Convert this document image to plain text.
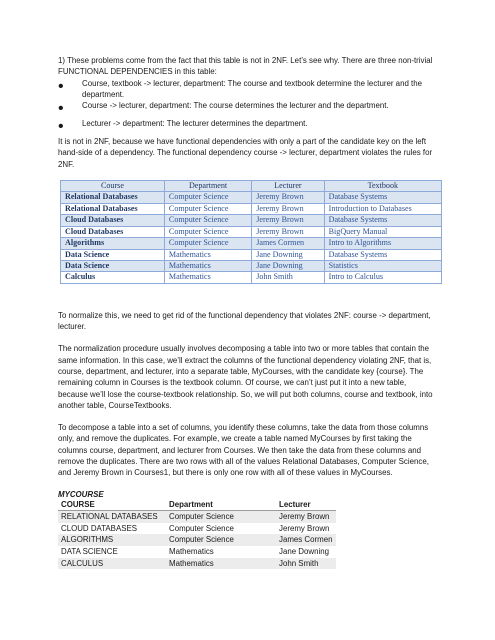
1) These problems come from the fact that this table is not in 2NF. Let’s see why. There are three non-trivial FUNCTIONAL DEPENDENCIES in this table:

•	Course, textbook -> lecturer, department: The course and textbook determine the lecturer and the department.

•	Course -> lecturer, department: The course determines the lecturer and the department.

•	Lecturer -> department: The lecturer determines the department.

It is not in 2NF, because we have functional dependencies with only a part of the candidate key on the left hand-side of a dependency. The functional dependency course -> lecturer, department violates the rules for 2NF.

Course	Department	Lecturer	Textbook
Relational Databases	Computer Science	Jeremy Brown	Database Systems
Relational Databases	Computer Science	Jeremy Brown	Introduction to Databases
Cloud Databases	Computer Science	Jeremy Brown	Database Systems
Cloud Databases	Computer Science	Jeremy Brown	BigQuery Manual
Algorithms	Computer Science	James Cormen	Intro to Algorithms
Data Science	Mathematics	Jane Downing	Database Systems
Data Science	Mathematics	Jane Downing	Statistics
Calculus	Mathematics	John Smith	Intro to Calculus

To normalize this, we need to get rid of the functional dependency that violates 2NF: course -> department, lecturer.

The normalization procedure usually involves decomposing a table into two or more tables that contain the same information. In this case, we’ll extract the columns of the functional dependency violating 2NF, that is, course, department, and lecturer, into a separate table, MyCourses, with the candidate key {course}. The remaining column in Courses is the textbook column. Of course, we can’t just put it into a new table, because we’ll lose the course-textbook relationship. So, we will put both columns, course and textbook, into another table, CourseTextbooks.

To decompose a table into a set of columns, you identify these columns, take the data from those columns only, and remove the duplicates. For example, we create a table named MyCourses by first taking the columns course, department, and lecturer from Courses. We then take the data from these columns and remove the duplicates. There are two rows with all of the values Relational Databases, Computer Science, and Jeremy Brown in Courses1, but there is only one row with all of these values in MyCourses.

MYCOURSE
COURSE	Department	Lecturer
RELATIONAL DATABASES	Computer Science	Jeremy Brown
CLOUD DATABASES	Computer Science	Jeremy Brown
ALGORITHMS	Computer Science	James Cormen
DATA SCIENCE	Mathematics	Jane Downing
CALCULUS	Mathematics	John Smith
